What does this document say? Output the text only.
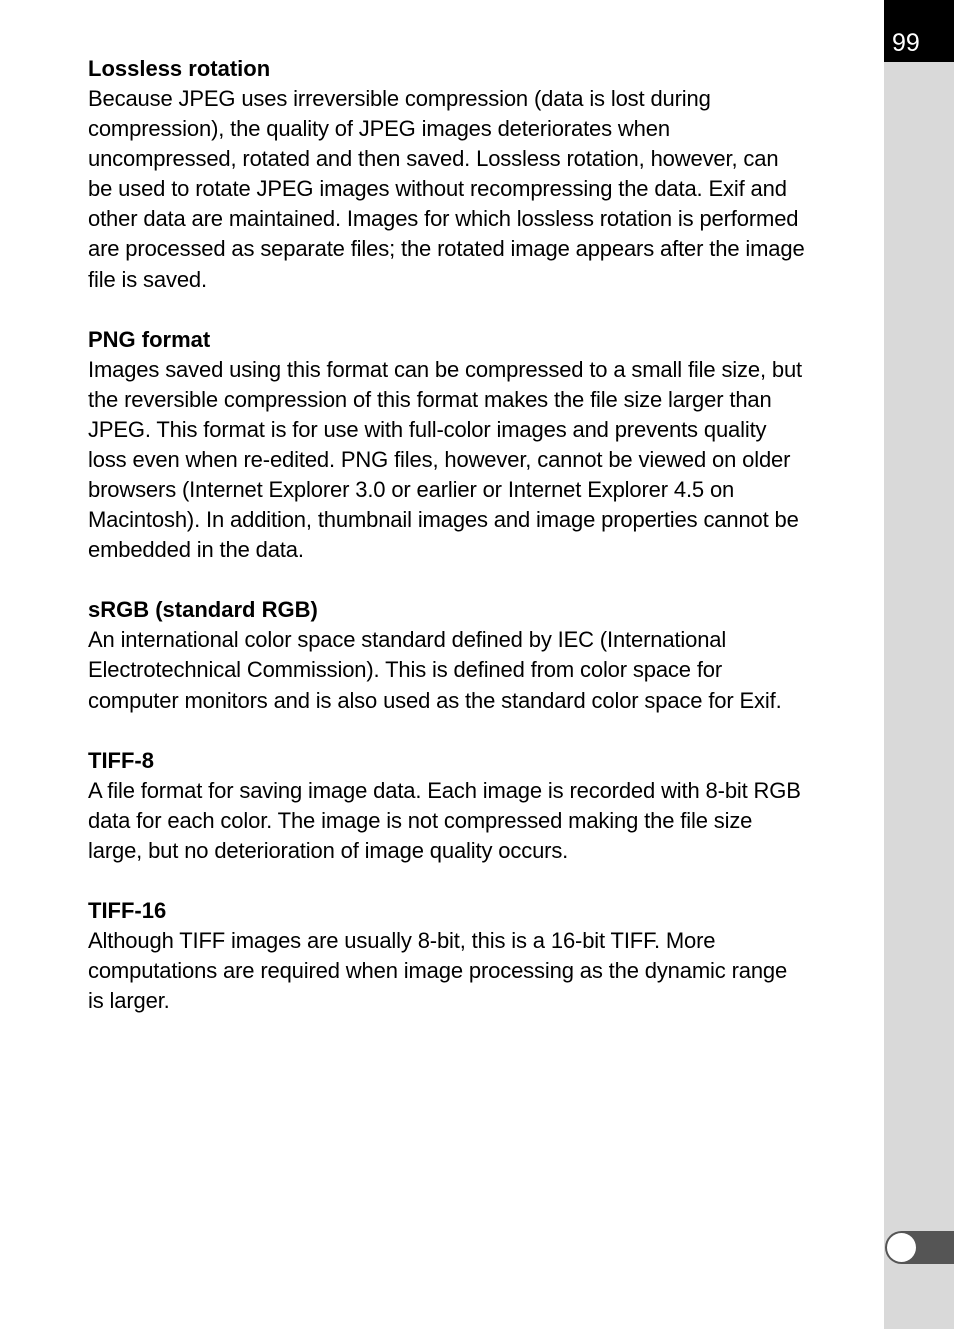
99

Lossless rotation

Because JPEG uses irreversible compression (data is lost during
compression), the quality of JPEG images deteriorates when
uncompressed, rotated and then saved. Lossless rotation, however, can
be used to rotate JPEG images without recompressing the data. Exif and
other data are maintained. Images for which lossless rotation is performed
are processed as separate files; the rotated image appears after the image
file is saved.

PNG format

Images saved using this format can be compressed to a small file size, but
the reversible compression of this format makes the file size larger than
JPEG. This format is for use with full-color images and prevents quality
loss even when re-edited. PNG files, however, cannot be viewed on older
browsers (Internet Explorer 3.0 or earlier or Internet Explorer 4.5 on
Macintosh). In addition, thumbnail images and image properties cannot be
embedded in the data.

sRGB (standard RGB)

An international color space standard defined by IEC (International
Electrotechnical Commission). This is defined from color space for
computer monitors and is also used as the standard color space for Exif.

TIFF-8

A file format for saving image data. Each image is recorded with 8-bit RGB
data for each color. The image is not compressed making the file size
large, but no deterioration of image quality occurs.

TIFF-16

Although TIFF images are usually 8-bit, this is a 16-bit TIFF. More
computations are required when image processing as the dynamic range
is larger.
